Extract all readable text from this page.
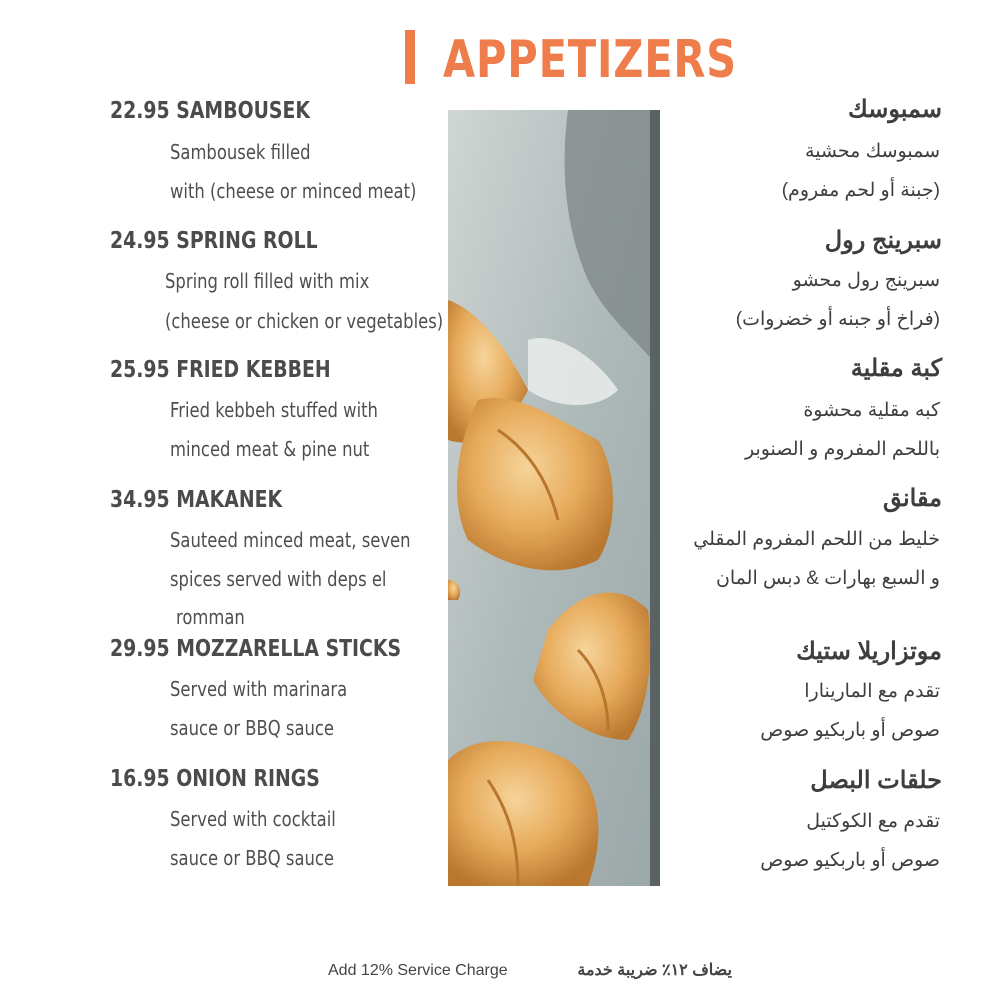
APPETIZERS
22.95 SAMBOUSEK
Sambousek filled
with (cheese or minced meat)
24.95 SPRING ROLL
Spring roll filled with mix
(cheese or chicken or vegetables)
25.95 FRIED KEBBEH
Fried kebbeh stuffed with
minced meat & pine nut
34.95 MAKANEK
Sauteed minced meat, seven
spices served with deps el
romman
29.95 MOZZARELLA STICKS
Served with marinara
sauce or BBQ sauce
16.95 ONION RINGS
Served with cocktail
sauce or BBQ sauce
سمبوسك
سمبوسك محشية
(جبنة أو لحم مفروم)
سبرينج رول
سبرينج رول محشو
(فراخ أو جبنه أو خضروات)
كبة مقلية
كبه مقلية محشوة
باللحم المفروم و الصنوبر
مقانق
خليط من اللحم المفروم المقلي
و السبع بهارات & دبس المان
موتزاريلا ستيك
تقدم مع المارينارا
صوص أو باربكيو صوص
حلقات البصل
تقدم مع الكوكتيل
صوص أو باربكيو صوص
Add 12% Service Charge	يضاف ١٢٪ ضريبة خدمة
